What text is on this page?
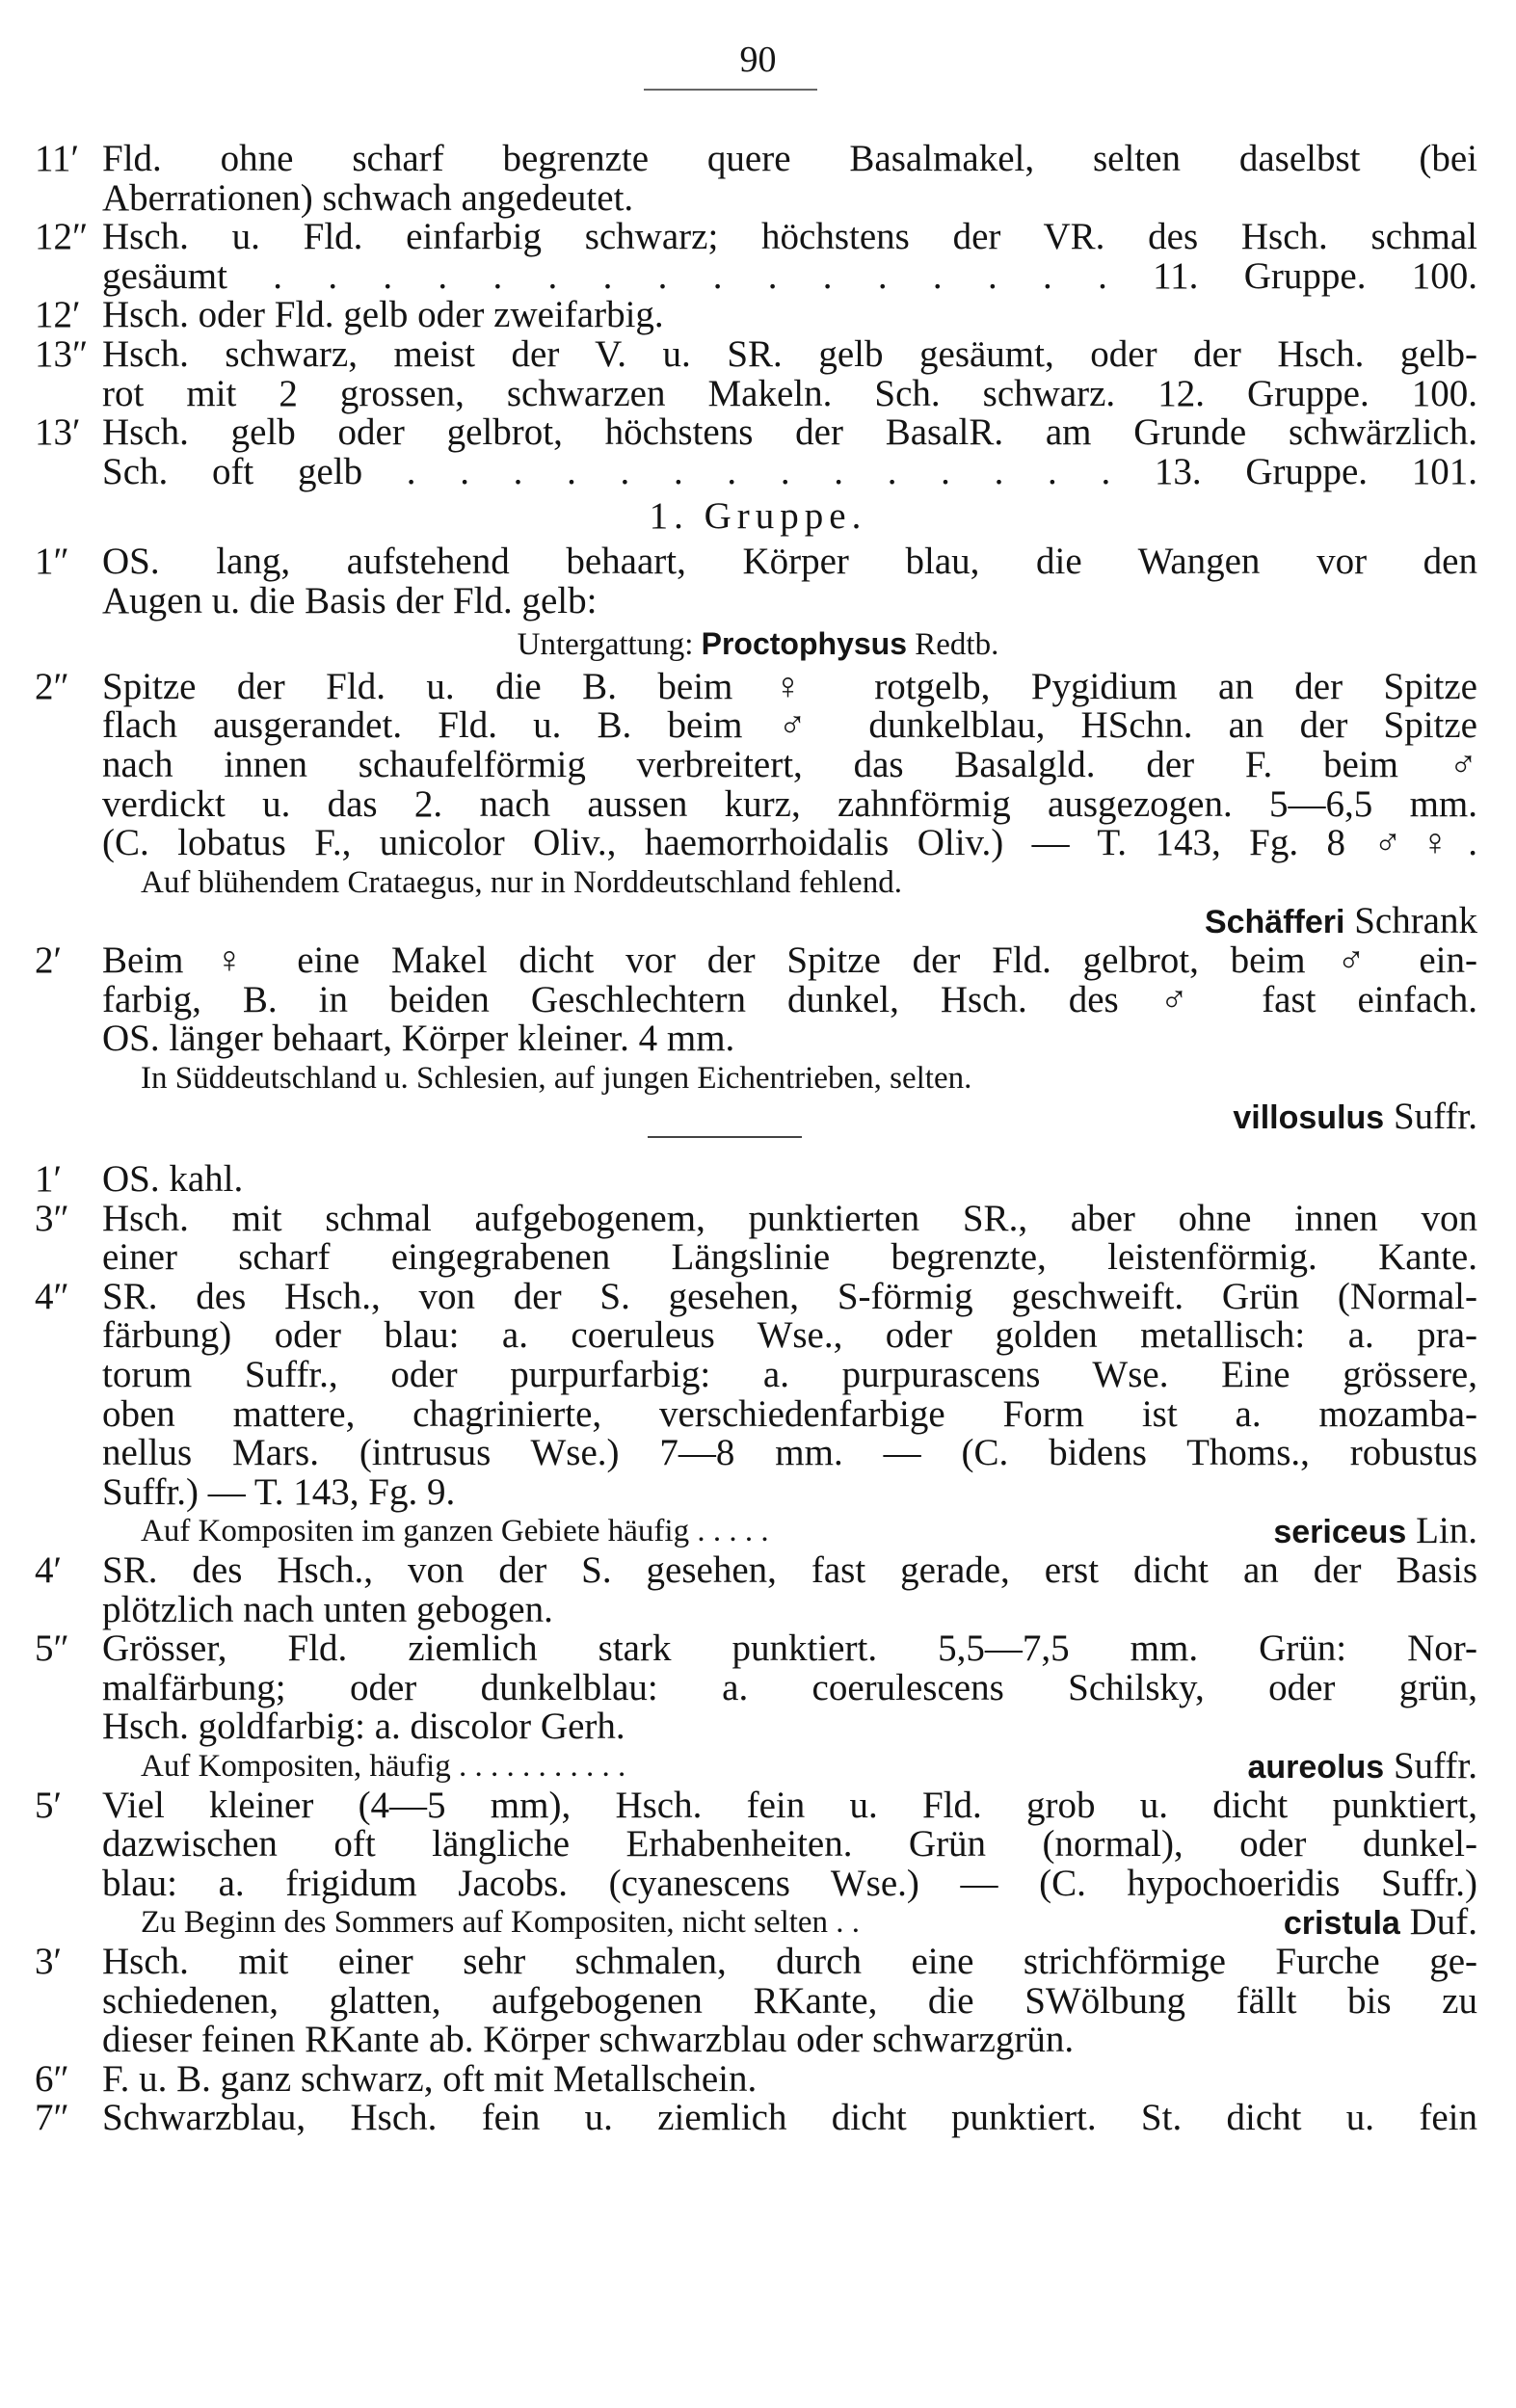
90
11′ Fld. ohne scharf begrenzte quere Basalmakel, selten daselbst (bei
Aberrationen) schwach angedeutet.
12″ Hsch. u. Fld. einfarbig schwarz; höchstens der VR. des Hsch. schmal
gesäumt . . . . . . . . . . . . . . . . 11. Gruppe. 100.
12′ Hsch. oder Fld. gelb oder zweifarbig.
13″ Hsch. schwarz, meist der V. u. SR. gelb gesäumt, oder der Hsch. gelb-
rot mit 2 grossen, schwarzen Makeln. Sch. schwarz. 12. Gruppe. 100.
13′ Hsch. gelb oder gelbrot, höchstens der BasalR. am Grunde schwärzlich.
Sch. oft gelb . . . . . . . . . . . . . . 13. Gruppe. 101.
1. Gruppe.
1″ OS. lang, aufstehend behaart, Körper blau, die Wangen vor den
Augen u. die Basis der Fld. gelb:
Untergattung: Proctophysus Redtb.
2″ Spitze der Fld. u. die B. beim ♀ rotgelb, Pygidium an der Spitze
flach ausgerandet. Fld. u. B. beim ♂ dunkelblau, HSchn. an der Spitze
nach innen schaufelförmig verbreitert, das Basalgld. der F. beim ♂
verdickt u. das 2. nach aussen kurz, zahnförmig ausgezogen. 5—6,5 mm.
(C. lobatus F., unicolor Oliv., haemorrhoidalis Oliv.) — T. 143, Fg. 8 ♂♀.
Auf blühendem Crataegus, nur in Norddeutschland fehlend.
Schäfferi Schrank
2′ Beim ♀ eine Makel dicht vor der Spitze der Fld. gelbrot, beim ♂ ein-
farbig, B. in beiden Geschlechtern dunkel, Hsch. des ♂ fast einfach.
OS. länger behaart, Körper kleiner. 4 mm.
In Süddeutschland u. Schlesien, auf jungen Eichentrieben, selten.
villosulus Suffr.
1′ OS. kahl.
3″ Hsch. mit schmal aufgebogenem, punktierten SR., aber ohne innen von
einer scharf eingegrabenen Längslinie begrenzte, leistenförmig. Kante.
4″ SR. des Hsch., von der S. gesehen, S-förmig geschweift. Grün (Normal-
färbung) oder blau: a. coeruleus Wse., oder golden metallisch: a. pra-
torum Suffr., oder purpurfarbig: a. purpurascens Wse. Eine grössere,
oben mattere, chagrinierte, verschiedenfarbige Form ist a. mozamba-
nellus Mars. (intrusus Wse.) 7—8 mm. — (C. bidens Thoms., robustus
Suffr.) — T. 143, Fg. 9.
Auf Kompositen im ganzen Gebiete häufig . . . . .	sericeus Lin.
4′ SR. des Hsch., von der S. gesehen, fast gerade, erst dicht an der Basis
plötzlich nach unten gebogen.
5″ Grösser, Fld. ziemlich stark punktiert. 5,5—7,5 mm. Grün: Nor-
malfärbung; oder dunkelblau: a. coerulescens Schilsky, oder grün,
Hsch. goldfarbig: a. discolor Gerh.
Auf Kompositen, häufig . . . . . . . . . . .	aureolus Suffr.
5′ Viel kleiner (4—5 mm), Hsch. fein u. Fld. grob u. dicht punktiert,
dazwischen oft längliche Erhabenheiten. Grün (normal), oder dunkel-
blau: a. frigidum Jacobs. (cyanescens Wse.) — (C. hypochoeridis Suffr.)
Zu Beginn des Sommers auf Kompositen, nicht selten . .	cristula Duf.
3′ Hsch. mit einer sehr schmalen, durch eine strichförmige Furche ge-
schiedenen, glatten, aufgebogenen RKante, die SWölbung fällt bis zu
dieser feinen RKante ab. Körper schwarzblau oder schwarzgrün.
6″ F. u. B. ganz schwarz, oft mit Metallschein.
7″ Schwarzblau, Hsch. fein u. ziemlich dicht punktiert. St. dicht u. fein
